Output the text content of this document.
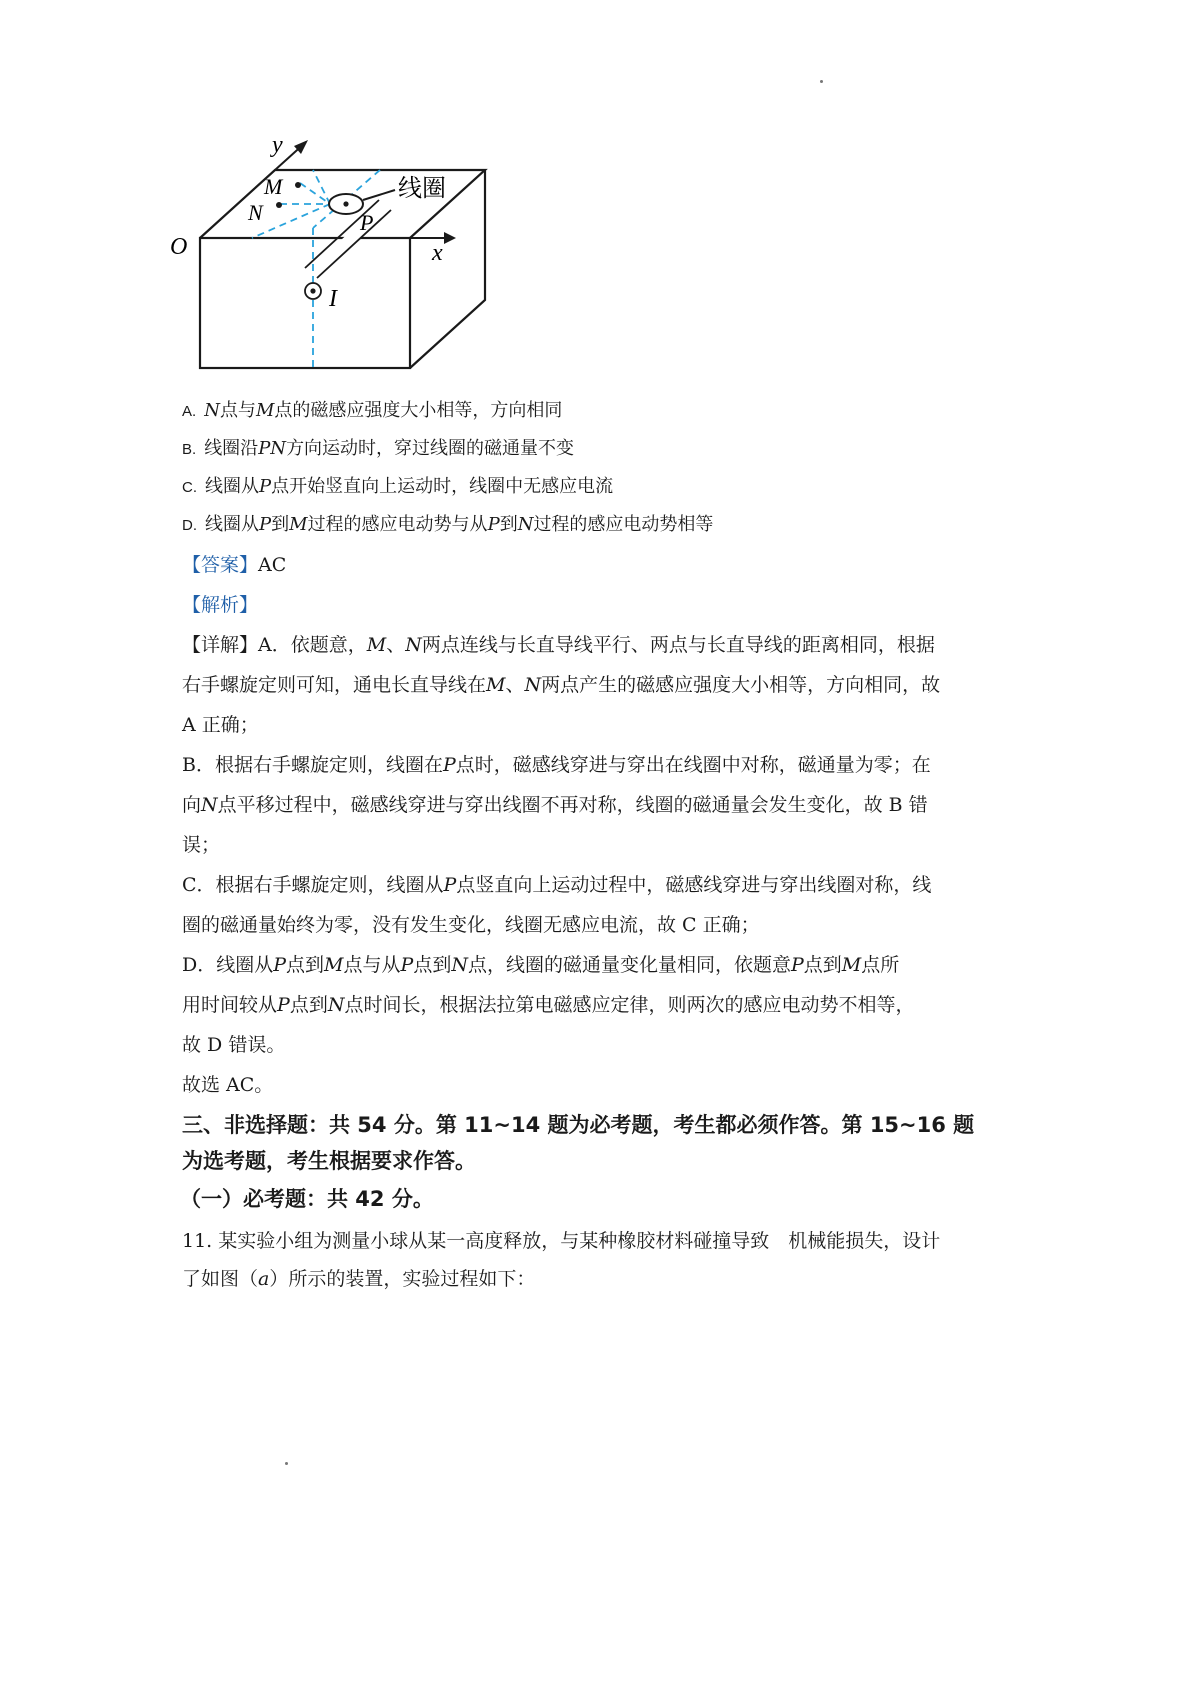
y
x
O
M
N	P
线圈
I
A. N点与M点的磁感应强度大小相等，方向相同
B. 线圈沿PN方向运动时，穿过线圈的磁通量不变
C. 线圈从P点开始竖直向上运动时，线圈中无感应电流
D. 线圈从P到M过程的感应电动势与从P到N过程的感应电动势相等
【答案】AC
【解析】
【详解】A．依题意，M、N两点连线与长直导线平行、两点与长直导线的距离相同，根据
右手螺旋定则可知，通电长直导线在M、N两点产生的磁感应强度大小相等，方向相同，故
A 正确；
B．根据右手螺旋定则，线圈在P点时，磁感线穿进与穿出在线圈中对称，磁通量为零；在
向N点平移过程中，磁感线穿进与穿出线圈不再对称，线圈的磁通量会发生变化，故 B 错
误；
C．根据右手螺旋定则，线圈从P点竖直向上运动过程中，磁感线穿进与穿出线圈对称，线
圈的磁通量始终为零，没有发生变化，线圈无感应电流，故 C 正确；
D．线圈从P点到M点与从P点到N点，线圈的磁通量变化量相同，依题意P点到M点所
用时间较从P点到N点时间长，根据法拉第电磁感应定律，则两次的感应电动势不相等，
故 D 错误。
故选 AC。
三、非选择题：共 54 分。第 11~14 题为必考题，考生都必须作答。第 15~16 题
为选考题，考生根据要求作答。
（一）必考题：共 42 分。
11. 某实验小组为测量小球从某一高度释放，与某种橡胶材料碰撞导致　机械能损失，设计
了如图（a）所示的装置，实验过程如下：
